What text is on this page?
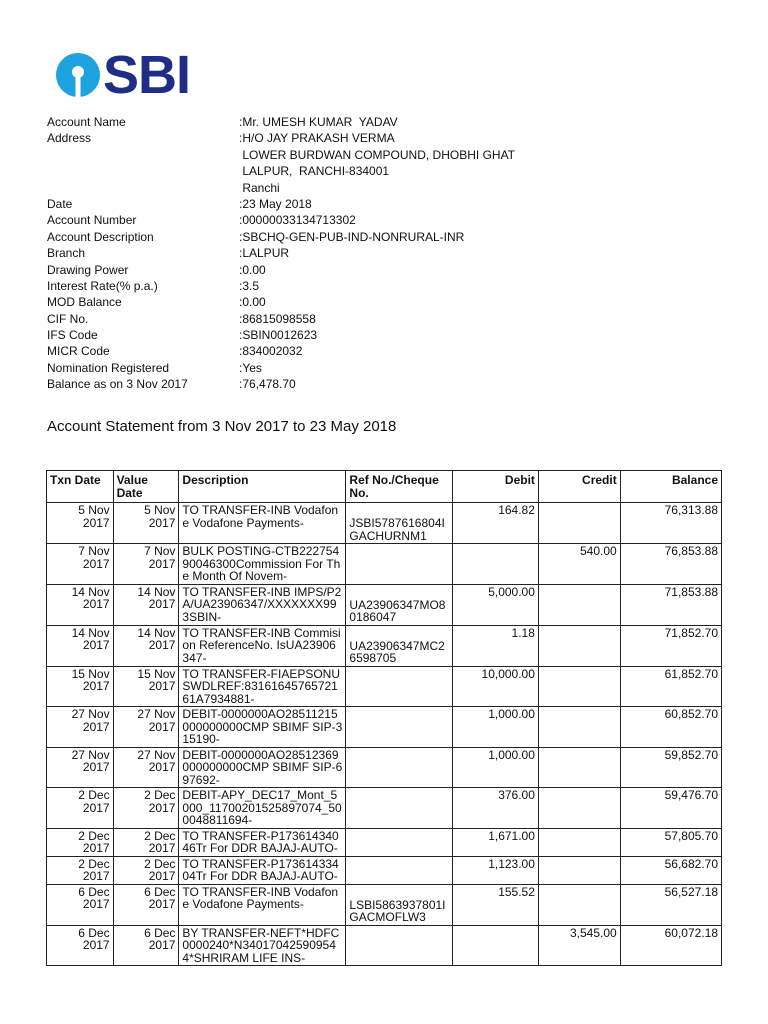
SBI
Account Name	:Mr. UMESH KUMAR  YADAV
Address	:H/O JAY PRAKASH VERMA
LOWER BURDWAN COMPOUND, DHOBHI GHAT
LALPUR,  RANCHI-834001
Ranchi
Date	:23 May 2018
Account Number	:00000033134713302
Account Description	:SBCHQ-GEN-PUB-IND-NONRURAL-INR
Branch	:LALPUR
Drawing Power	:0.00
Interest Rate(% p.a.)	:3.5
MOD Balance	:0.00
CIF No.	:86815098558
IFS Code	:SBIN0012623
MICR Code	:834002032
Nomination Registered	:Yes
Balance as on 3 Nov 2017	:76,478.70
Account Statement from 3 Nov 2017 to 23 May 2018
Txn Date	Value Date	Description	Ref No./Cheque No.	Debit	Credit	Balance
5 Nov 2017	5 Nov 2017	TO TRANSFER-INB Vodafone Vodafone Payments-	JSBI5787616804IGACHURNM1	164.82		76,313.88
7 Nov 2017	7 Nov 2017	BULK POSTING-CTB22275490046300Commission For The Month Of Novem-			540.00	76,853.88
14 Nov 2017	14 Nov 2017	TO TRANSFER-INB IMPS/P2A/UA23906347/XXXXXXX993SBIN-	UA23906347MO80186047	5,000.00		71,853.88
14 Nov 2017	14 Nov 2017	TO TRANSFER-INB Commision ReferenceNo. IsUA23906347-	UA23906347MC26598705	1.18		71,852.70
15 Nov 2017	15 Nov 2017	TO TRANSFER-FIAEPSONUSWDLREF:8316164576572161A7934881-		10,000.00		61,852.70
27 Nov 2017	27 Nov 2017	DEBIT-0000000AO28511215000000000CMP SBIMF SIP-315190-		1,000.00		60,852.70
27 Nov 2017	27 Nov 2017	DEBIT-0000000AO28512369000000000CMP SBIMF SIP-697692-		1,000.00		59,852.70
2 Dec 2017	2 Dec 2017	DEBIT-APY_DEC17_Mont_5000_11700201525897074_500048811694-		376.00		59,476.70
2 Dec 2017	2 Dec 2017	TO TRANSFER-P17361434046Tr For DDR BAJAJ-AUTO-		1,671.00		57,805.70
2 Dec 2017	2 Dec 2017	TO TRANSFER-P17361433404Tr For DDR BAJAJ-AUTO-		1,123.00		56,682.70
6 Dec 2017	6 Dec 2017	TO TRANSFER-INB Vodafone Vodafone Payments-	LSBI5863937801IGACMOFLW3	155.52		56,527.18
6 Dec 2017	6 Dec 2017	BY TRANSFER-NEFT*HDFC0000240*N340170425909544*SHRIRAM LIFE INS-			3,545.00	60,072.18
